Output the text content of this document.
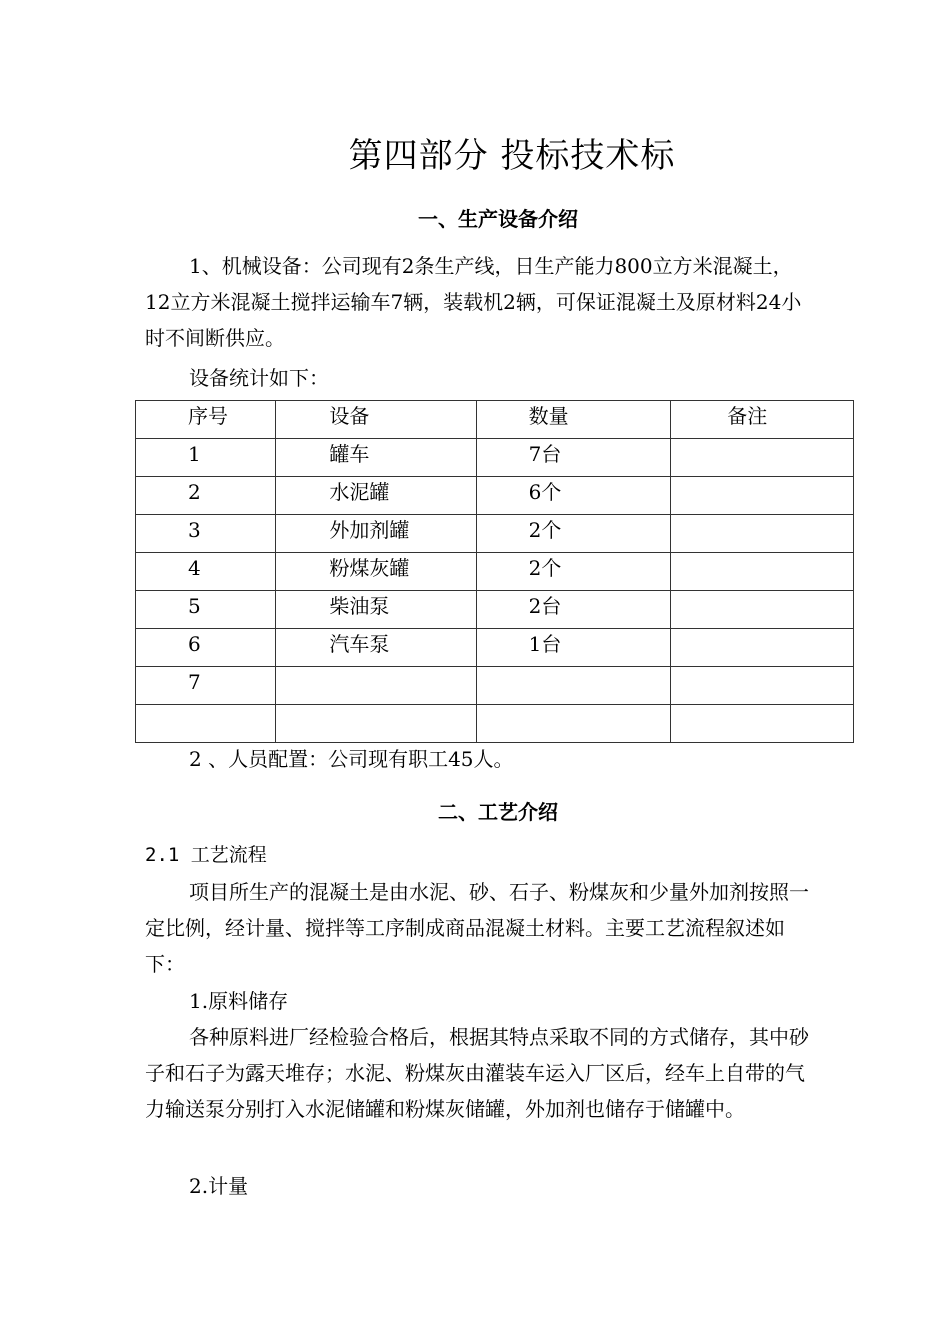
第四部分 投标技术标
一、生产设备介绍
1、机械设备：公司现有2条生产线，日生产能力800立方米混凝土，12立方米混凝土搅拌运输车7辆，装载机2辆，可保证混凝土及原材料24小时不间断供应。
设备统计如下：
序号	设备	数量	备注
1	罐车	7台	
2	水泥罐	6个	
3	外加剂罐	2个	
4	粉煤灰罐	2个	
5	柴油泵	2台	
6	汽车泵	1台	
7			

2 、人员配置：公司现有职工45人。
二、工艺介绍
2.1 工艺流程
项目所生产的混凝土是由水泥、砂、石子、粉煤灰和少量外加剂按照一定比例，经计量、搅拌等工序制成商品混凝土材料。主要工艺流程叙述如下：
1.原料储存
各种原料进厂经检验合格后，根据其特点采取不同的方式储存，其中砂子和石子为露天堆存；水泥、粉煤灰由灌装车运入厂区后，经车上自带的气力输送泵分别打入水泥储罐和粉煤灰储罐，外加剂也储存于储罐中。
2.计量
